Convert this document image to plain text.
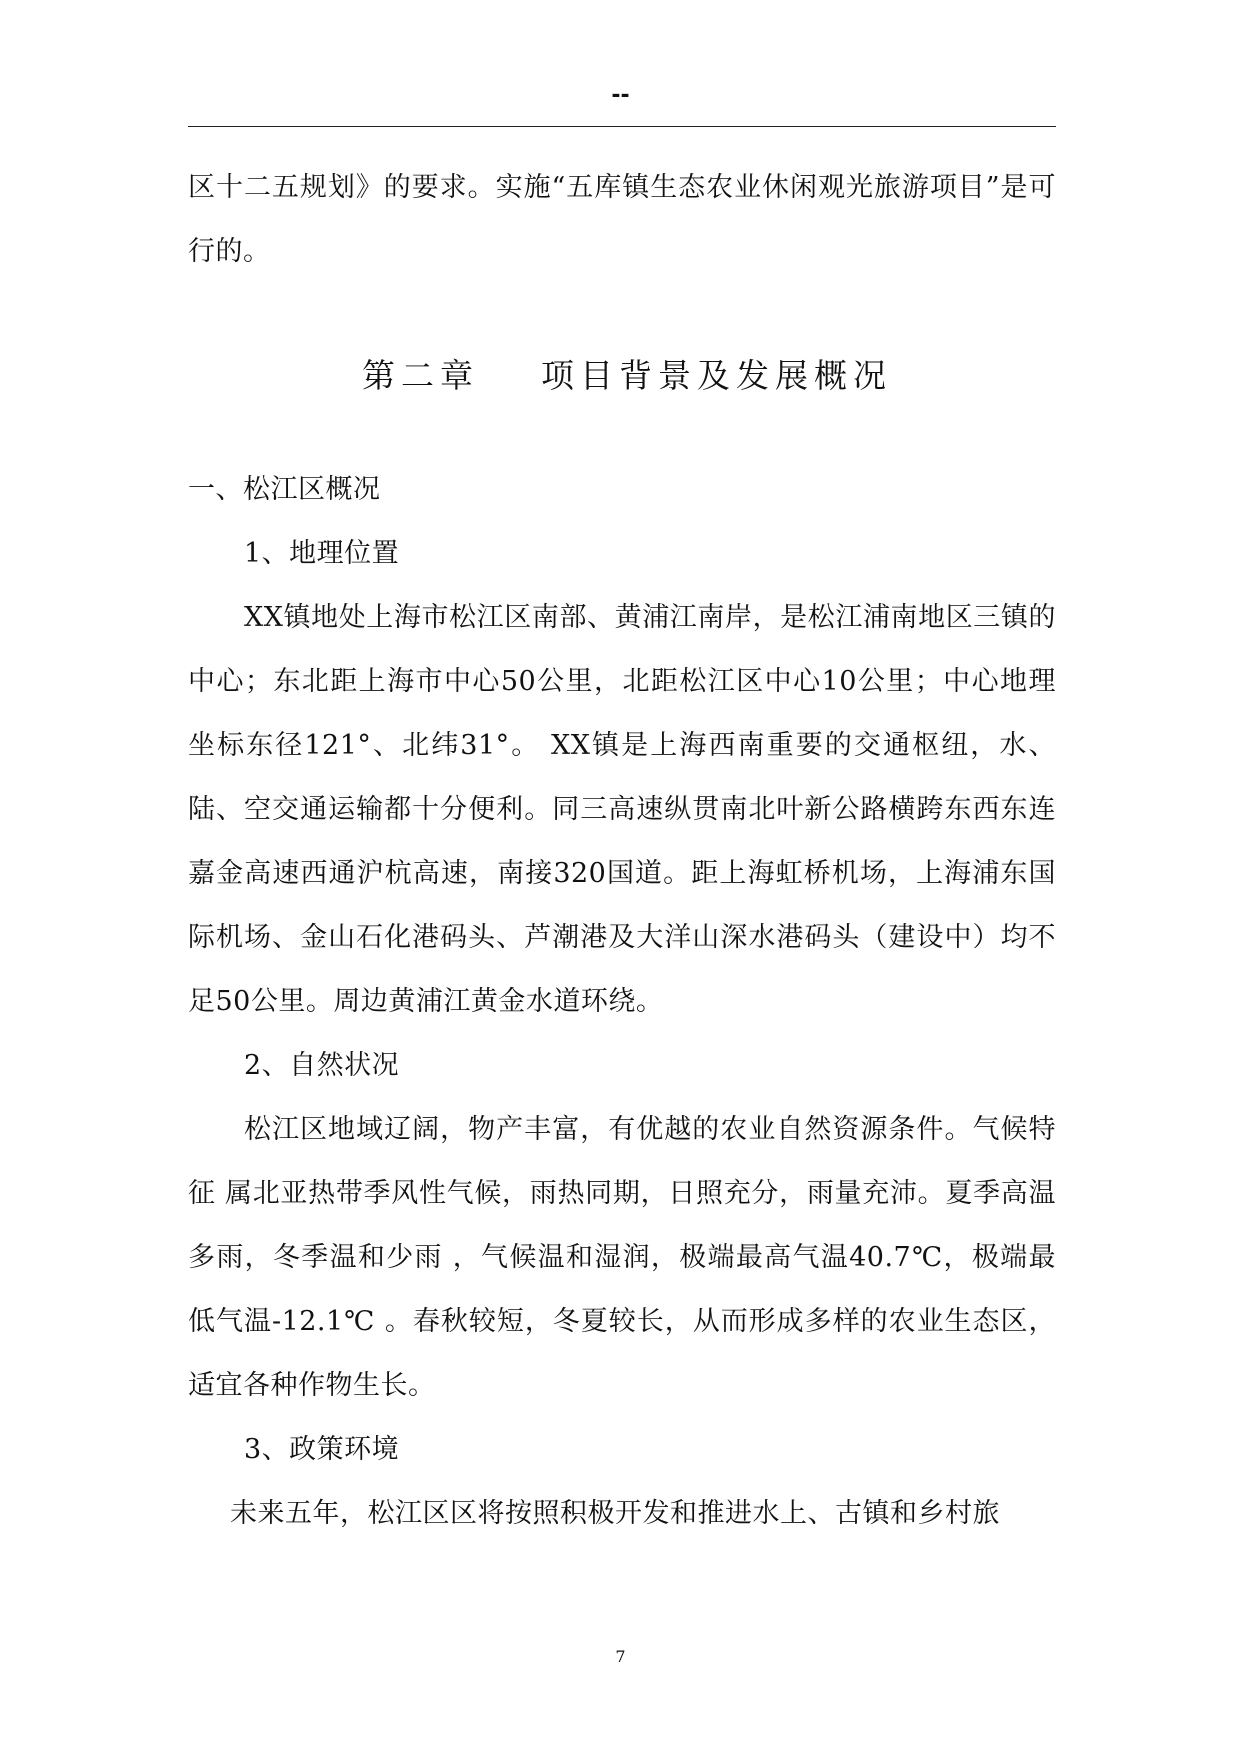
--

区十二五规划》的要求。实施“五库镇生态农业休闲观光旅游项目”是可行的。

第二章 项目背景及发展概况

一、松江区概况

1、地理位置

XX镇地处上海市松江区南部、黄浦江南岸，是松江浦南地区三镇的中心；东北距上海市中心50公里，北距松江区中心10公里；中心地理坐标东径121°、北纬31°。 XX镇是上海西南重要的交通枢纽，水、陆、空交通运输都十分便利。同三高速纵贯南北叶新公路横跨东西东连嘉金高速西通沪杭高速，南接320国道。距上海虹桥机场，上海浦东国际机场、金山石化港码头、芦潮港及大洋山深水港码头（建设中）均不足50公里。周边黄浦江黄金水道环绕。

2、自然状况

松江区地域辽阔，物产丰富，有优越的农业自然资源条件。气候特征 属北亚热带季风性气候，雨热同期，日照充分，雨量充沛。夏季高温多雨，冬季温和少雨 ，气候温和湿润，极端最高气温40.7℃，极端最低气温-12.1℃ 。春秋较短，冬夏较长，从而形成多样的农业生态区，适宜各种作物生长。

3、政策环境

未来五年，松江区区将按照积极开发和推进水上、古镇和乡村旅

7
